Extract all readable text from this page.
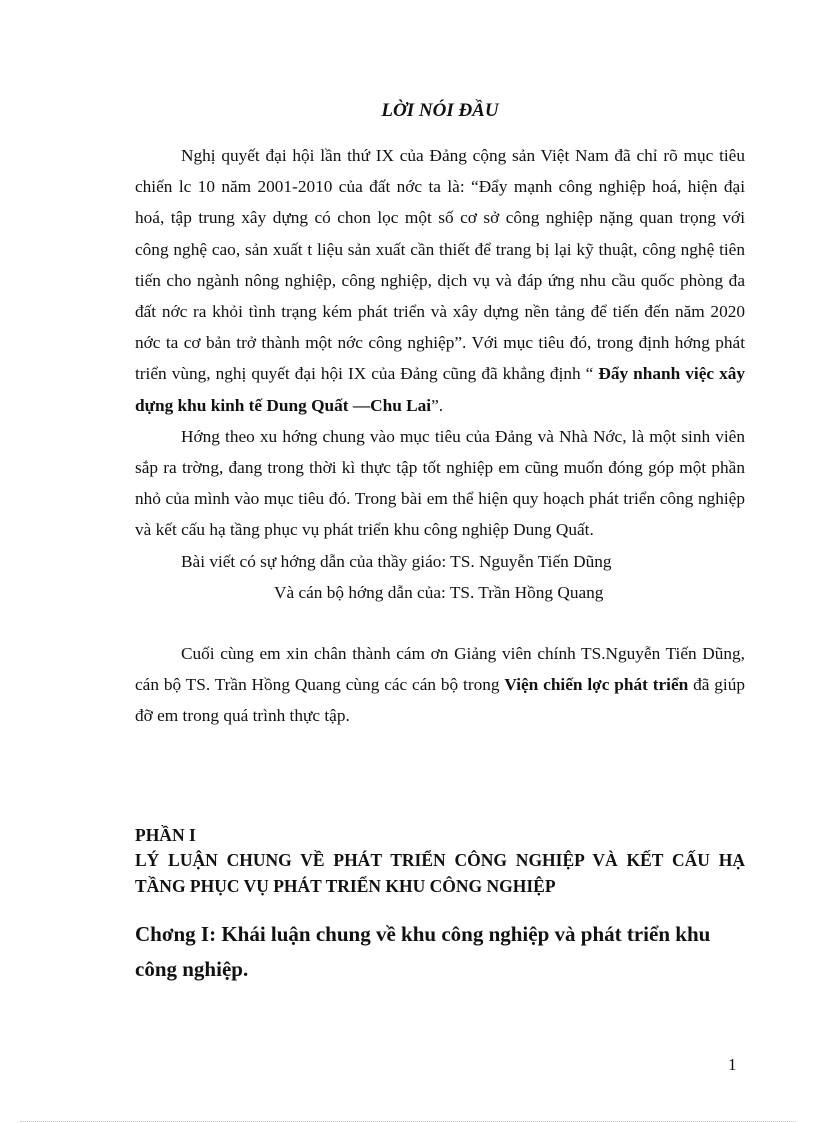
LỜI NÓI ĐẦU

Nghị quyết đại hội lần thứ IX của Đảng cộng sản Việt Nam đã chỉ rõ mục tiêu chiến lc 10 năm 2001-2010 của đất nớc ta là: “Đẩy mạnh công nghiệp hoá, hiện đại hoá, tập trung xây dựng có chon lọc một số cơ sở công nghiệp nặng quan trọng với công nghệ cao, sản xuất t liệu sản xuất cần thiết để trang bị lại kỹ thuật, công nghệ tiên tiến cho ngành nông nghiệp, công nghiệp, dịch vụ và đáp ứng nhu cầu quốc phòng đa đất nớc ra khỏi tình trạng kém phát triển và xây dựng nền tảng để tiến đến năm 2020 nớc ta cơ bản trở thành một nớc công nghiệp”. Với mục tiêu đó, trong định hớng phát triển vùng, nghị quyết đại hội IX của Đảng cũng đã khẳng định “ Đẩy nhanh việc xây dựng khu kinh tế Dung Quất —Chu Lai”.

Hớng theo xu hớng chung vào mục tiêu của Đảng và Nhà Nớc, là một sinh viên sắp ra trờng, đang trong thời kì thực tập tốt nghiệp em cũng muốn đóng góp một phần nhỏ của mình vào mục tiêu đó. Trong bài em thể hiện quy hoạch phát triển công nghiệp và kết cấu hạ tầng phục vụ phát triển khu công nghiệp Dung Quất.

Bài viết có sự hớng dẫn của thầy giáo: TS. Nguyễn Tiến Dũng

Và cán bộ hớng dẫn của: TS. Trần Hồng Quang

Cuối cùng em xin chân thành cám ơn Giảng viên chính TS.Nguyễn Tiến Dũng, cán bộ TS. Trần Hồng Quang cùng các cán bộ trong Viện chiến lợc phát triển đã giúp đỡ em trong quá trình thực tập.

PHẦN I

LÝ LUẬN CHUNG VỀ PHÁT TRIỂN CÔNG NGHIỆP VÀ KẾT CẤU HẠ TẦNG PHỤC VỤ PHÁT TRIỂN KHU CÔNG NGHIỆP

Chơng I: Khái luận chung về khu công nghiệp và phát triển khu công nghiệp.

1
